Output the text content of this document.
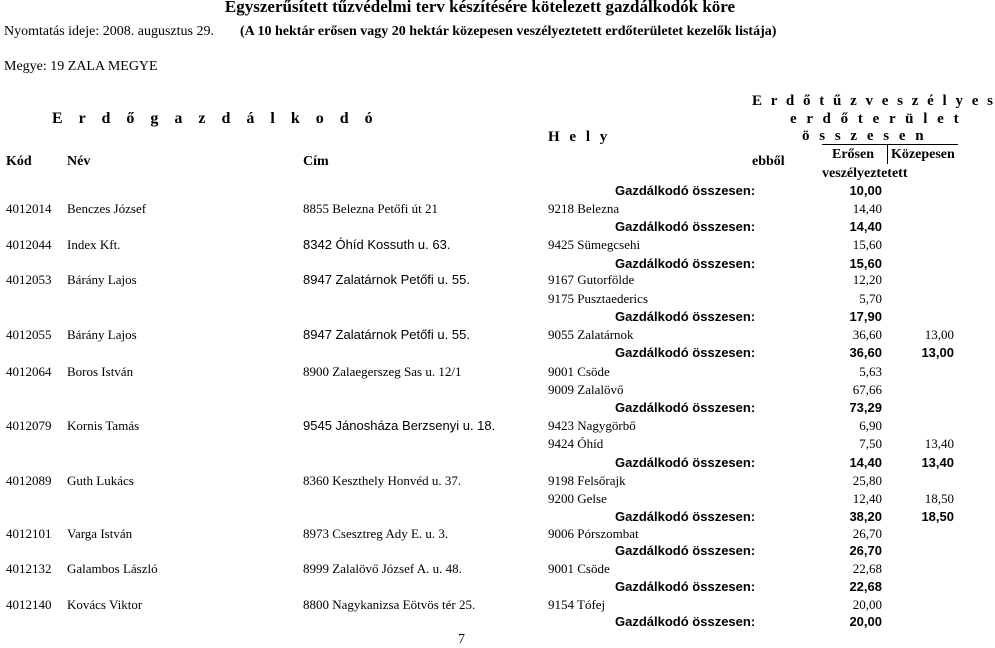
Egyszerűsített tűzvédelmi terv készítésére kötelezett gazdálkodók köre
Nyomtatás ideje: 2008. augusztus 29. (A 10 hektár erősen vagy 20 hektár közepesen veszélyeztetett erdőterületet kezelők listája)
Megye: 19 ZALA MEGYE
E r d ő g a z d á l k o d ó
Kód	Név	Cím
H e l y
E r d ő t ű z v e s z é l y e s
e r d ő t e r ü l e t
ö s s z e s e n
ebből	Erősen Közepesen
veszélyeztetett
Gazdálkodó összesen:	10,00
4012014 Benczes József	8855 Belezna Petőfi út 21	9218 Belezna	14,40
Gazdálkodó összesen:	14,40
4012044 Index Kft.	8342 Óhíd Kossuth u. 63.	9425 Sümegcsehi	15,60
Gazdálkodó összesen:	15,60
4012053 Bárány Lajos	8947 Zalatárnok Petőfi u. 55.	9167 Gutorfölde	12,20
9175 Pusztaederics	5,70
Gazdálkodó összesen:	17,90
4012055 Bárány Lajos	8947 Zalatárnok Petőfi u. 55.	9055 Zalatárnok	36,60	13,00
Gazdálkodó összesen:	36,60	13,00
4012064 Boros István	8900 Zalaegerszeg Sas u. 12/1	9001 Csöde	5,63
9009 Zalalövő	67,66
Gazdálkodó összesen:	73,29
4012079 Kornis Tamás	9545 Jánosháza Berzsenyi u. 18.	9423 Nagygörbő	6,90
9424 Óhíd	7,50	13,40
Gazdálkodó összesen:	14,40	13,40
4012089 Guth Lukács	8360 Keszthely Honvéd u. 37.	9198 Felsőrajk	25,80
9200 Gelse	12,40	18,50
Gazdálkodó összesen:	38,20	18,50
4012101 Varga István	8973 Csesztreg Ady E. u. 3.	9006 Pórszombat	26,70
Gazdálkodó összesen:	26,70
4012132 Galambos László	8999 Zalalövő József A. u. 48.	9001 Csöde	22,68
Gazdálkodó összesen:	22,68
4012140 Kovács Viktor	8800 Nagykanizsa Eötvös tér 25.	9154 Tófej	20,00
Gazdálkodó összesen:	20,00
7
